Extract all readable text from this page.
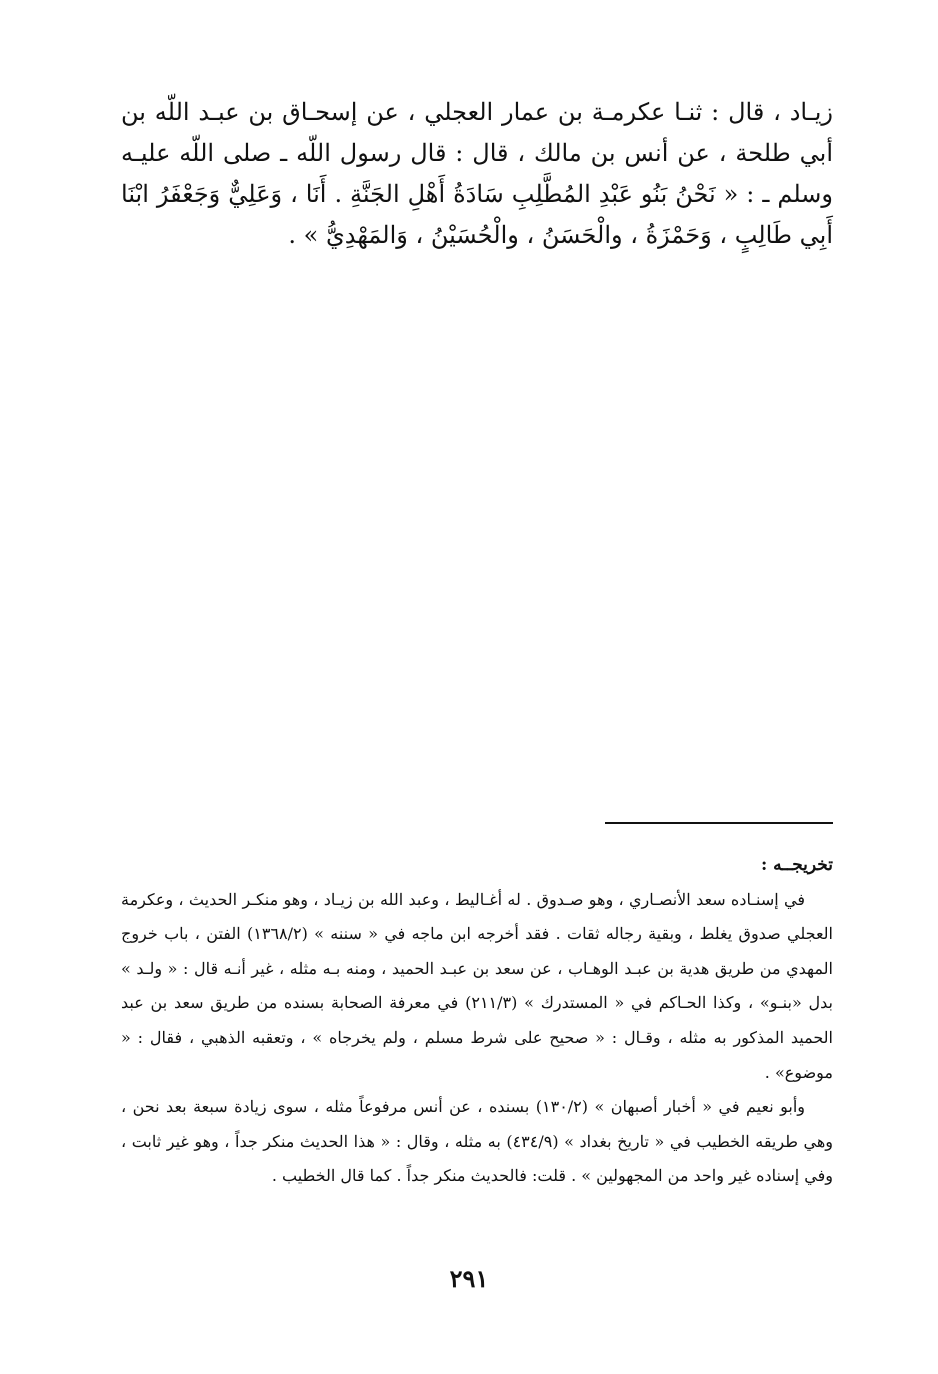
زيـاد ، قال : ثنـا عكرمـة بن عمار العجلي ، عن إسحـاق بن عبـد اللّه بن أبي طلحة ، عن أنس بن مالك ، قال : قال رسول اللّه ـ صلى اللّه عليـه وسلم ـ : « نَحْنُ بَنُو عَبْدِ المُطَّلِبِ سَادَةُ أَهْلِ الجَنَّةِ . أَنَا ، وَعَلِيٌّ وَجَعْفَرُ ابْنَا أَبِي طَالِبٍ ، وَحَمْزَةُ ، والْحَسَنُ ، والْحُسَيْنُ ، وَالمَهْدِيُّ » .

تخريجــه :

في إسنـاده سعد الأنصـاري ، وهو صـدوق . له أغـاليط ، وعبد الله بن زيـاد ، وهو منكـر الحديث ، وعكرمة العجلي صدوق يغلط ، وبقية رجاله ثقات . فقد أخرجه ابن ماجه في « سننه » (١٣٦٨/٢) الفتن ، باب خروج المهدي من طريق هدية بن عبـد الوهـاب ، عن سعد بن عبـد الحميد ، ومنه بـه مثله ، غير أنـه قال : « ولـد » بدل «بنـو» ، وكذا الحـاكم في « المستدرك » (٢١١/٣) في معرفة الصحابة بسنده من طريق سعد بن عبد الحميد المذكور به مثله ، وقـال : « صحيح على شرط مسلم ، ولم يخرجاه » ، وتعقبه الذهبي ، فقال : « موضوع» .

وأبو نعيم في « أخبار أصبهان » (١٣٠/٢) بسنده ، عن أنس مرفوعاً مثله ، سوى زيادة سبعة بعد نحن ، وهي طريقه الخطيب في « تاريخ بغداد » (٤٣٤/٩) به مثله ، وقال : « هذا الحديث منكر جداً ، وهو غير ثابت ، وفي إسناده غير واحد من المجهولين » . قلت: فالحديث منكر جداً . كما قال الخطيب .

٢٩١
